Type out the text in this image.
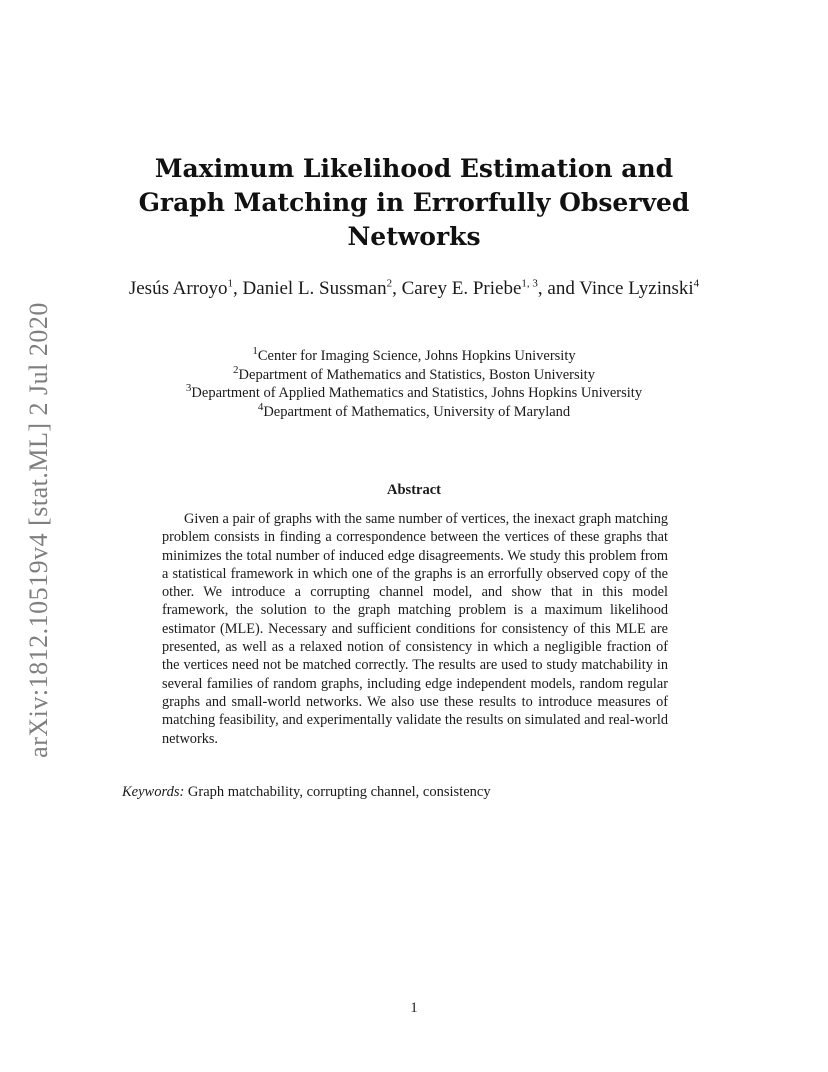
arXiv:1812.10519v4 [stat.ML] 2 Jul 2020
Maximum Likelihood Estimation and
Graph Matching in Errorfully Observed
Networks
Jesús Arroyo$^1$, Daniel L. Sussman$^2$, Carey E. Priebe$^{1, 3}$, and Vince Lyzinski$^4$
$^1$Center for Imaging Science, Johns Hopkins University
$^2$Department of Mathematics and Statistics, Boston University
$^3$Department of Applied Mathematics and Statistics, Johns Hopkins University
$^4$Department of Mathematics, University of Maryland
Abstract
Given a pair of graphs with the same number of vertices, the inexact graph matching problem consists in finding a correspondence between the vertices of these graphs that minimizes the total number of induced edge disagreements. We study this problem from a statistical framework in which one of the graphs is an errorfully observed copy of the other. We introduce a corrupting channel model, and show that in this model framework, the solution to the graph matching problem is a maximum likelihood estimator (MLE). Necessary and sufficient conditions for consistency of this MLE are presented, as well as a relaxed notion of consistency in which a negligible fraction of the vertices need not be matched correctly. The results are used to study matchability in several families of random graphs, including edge independent models, random regular graphs and small-world networks. We also use these results to introduce measures of matching feasibility, and experimentally validate the results on simulated and real-world networks.
Keywords: Graph matchability, corrupting channel, consistency
1
